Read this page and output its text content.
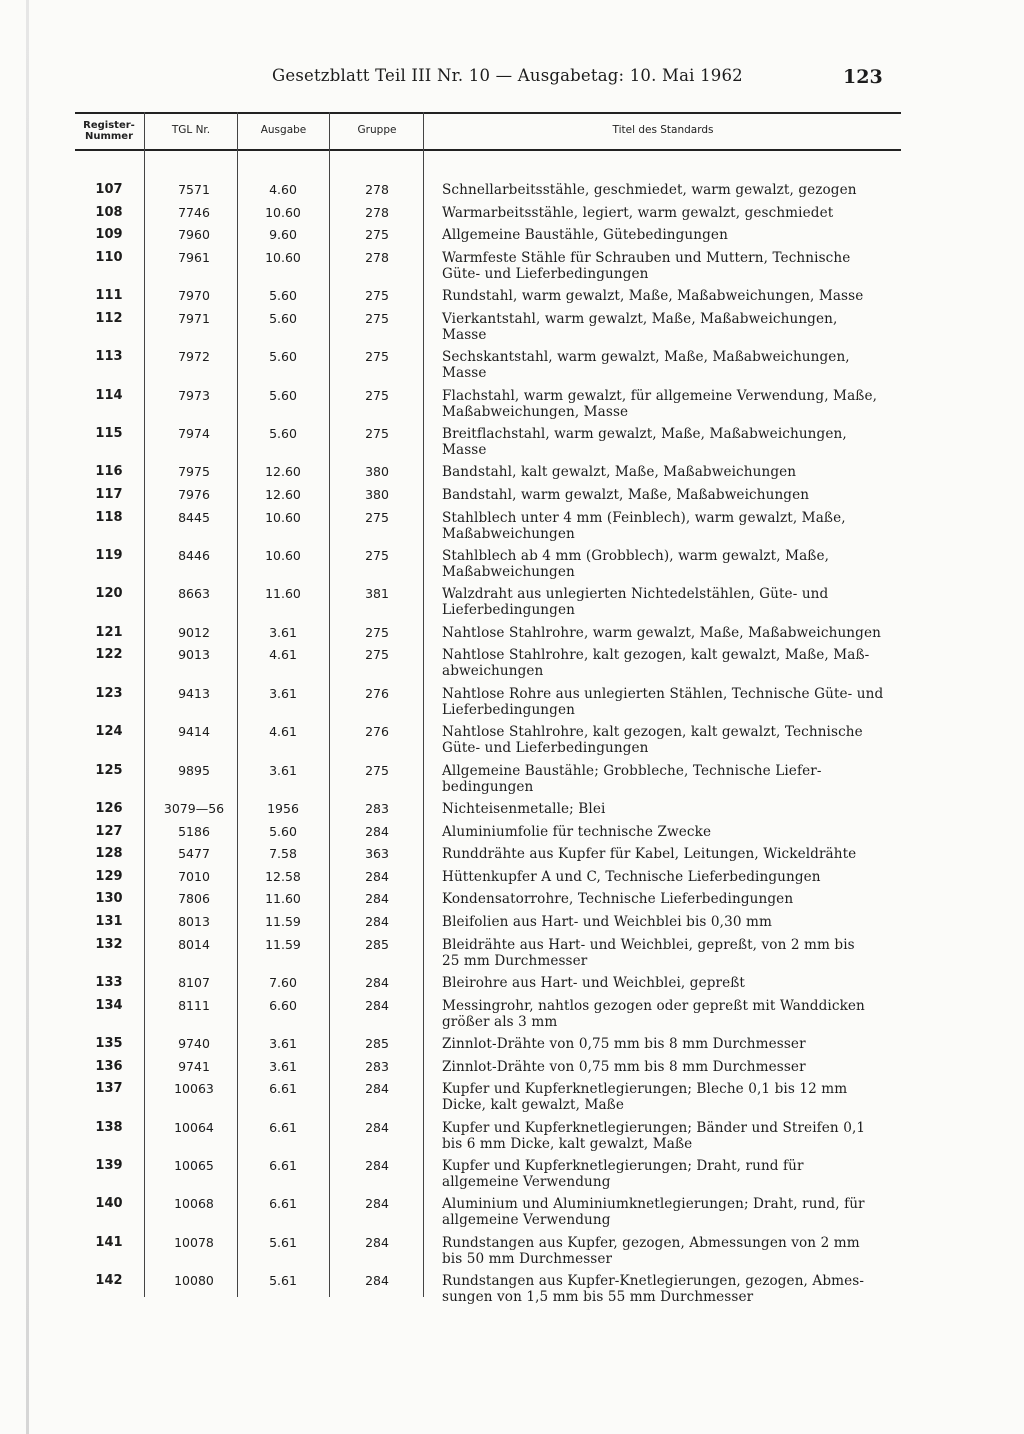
Gesetzblatt Teil III Nr. 10 — Ausgabetag: 10. Mai 1962	123
Register-
Nummer	TGL Nr.	Ausgabe	Gruppe	Titel des Standards
107	7571	4.60	278	Schnellarbeitsstähle, geschmiedet, warm gewalzt, gezogen
108	7746	10.60	278	Warmarbeitsstähle, legiert, warm gewalzt, geschmiedet
109	7960	9.60	275	Allgemeine Baustähle, Gütebedingungen
110	7961	10.60	278	Warmfeste Stähle für Schrauben und Muttern, Technische
Güte- und Lieferbedingungen
111	7970	5.60	275	Rundstahl, warm gewalzt, Maße, Maßabweichungen, Masse
112	7971	5.60	275	Vierkantstahl, warm gewalzt, Maße, Maßabweichungen,
Masse
113	7972	5.60	275	Sechskantstahl, warm gewalzt, Maße, Maßabweichungen,
Masse
114	7973	5.60	275	Flachstahl, warm gewalzt, für allgemeine Verwendung, Maße,
Maßabweichungen, Masse
115	7974	5.60	275	Breitflachstahl, warm gewalzt, Maße, Maßabweichungen,
Masse
116	7975	12.60	380	Bandstahl, kalt gewalzt, Maße, Maßabweichungen
117	7976	12.60	380	Bandstahl, warm gewalzt, Maße, Maßabweichungen
118	8445	10.60	275	Stahlblech unter 4 mm (Feinblech), warm gewalzt, Maße,
Maßabweichungen
119	8446	10.60	275	Stahlblech ab 4 mm (Grobblech), warm gewalzt, Maße,
Maßabweichungen
120	8663	11.60	381	Walzdraht aus unlegierten Nichtedelstählen, Güte- und
Lieferbedingungen
121	9012	3.61	275	Nahtlose Stahlrohre, warm gewalzt, Maße, Maßabweichungen
122	9013	4.61	275	Nahtlose Stahlrohre, kalt gezogen, kalt gewalzt, Maße, Maß-
abweichungen
123	9413	3.61	276	Nahtlose Rohre aus unlegierten Stählen, Technische Güte- und
Lieferbedingungen
124	9414	4.61	276	Nahtlose Stahlrohre, kalt gezogen, kalt gewalzt, Technische
Güte- und Lieferbedingungen
125	9895	3.61	275	Allgemeine Baustähle; Grobbleche, Technische Liefer-
bedingungen
126	3079—56	1956	283	Nichteisenmetalle; Blei
127	5186	5.60	284	Aluminiumfolie für technische Zwecke
128	5477	7.58	363	Runddrähte aus Kupfer für Kabel, Leitungen, Wickeldrähte
129	7010	12.58	284	Hüttenkupfer A und C, Technische Lieferbedingungen
130	7806	11.60	284	Kondensatorrohre, Technische Lieferbedingungen
131	8013	11.59	284	Bleifolien aus Hart- und Weichblei bis 0,30 mm
132	8014	11.59	285	Bleidrähte aus Hart- und Weichblei, gepreßt, von 2 mm bis
25 mm Durchmesser
133	8107	7.60	284	Bleirohre aus Hart- und Weichblei, gepreßt
134	8111	6.60	284	Messingrohr, nahtlos gezogen oder gepreßt mit Wanddicken
größer als 3 mm
135	9740	3.61	285	Zinnlot-Drähte von 0,75 mm bis 8 mm Durchmesser
136	9741	3.61	283	Zinnlot-Drähte von 0,75 mm bis 8 mm Durchmesser
137	10063	6.61	284	Kupfer und Kupferknetlegierungen; Bleche 0,1 bis 12 mm
Dicke, kalt gewalzt, Maße
138	10064	6.61	284	Kupfer und Kupferknetlegierungen; Bänder und Streifen 0,1
bis 6 mm Dicke, kalt gewalzt, Maße
139	10065	6.61	284	Kupfer und Kupferknetlegierungen; Draht, rund für
allgemeine Verwendung
140	10068	6.61	284	Aluminium und Aluminiumknetlegierungen; Draht, rund, für
allgemeine Verwendung
141	10078	5.61	284	Rundstangen aus Kupfer, gezogen, Abmessungen von 2 mm
bis 50 mm Durchmesser
142	10080	5.61	284	Rundstangen aus Kupfer-Knetlegierungen, gezogen, Abmes-
sungen von 1,5 mm bis 55 mm Durchmesser
